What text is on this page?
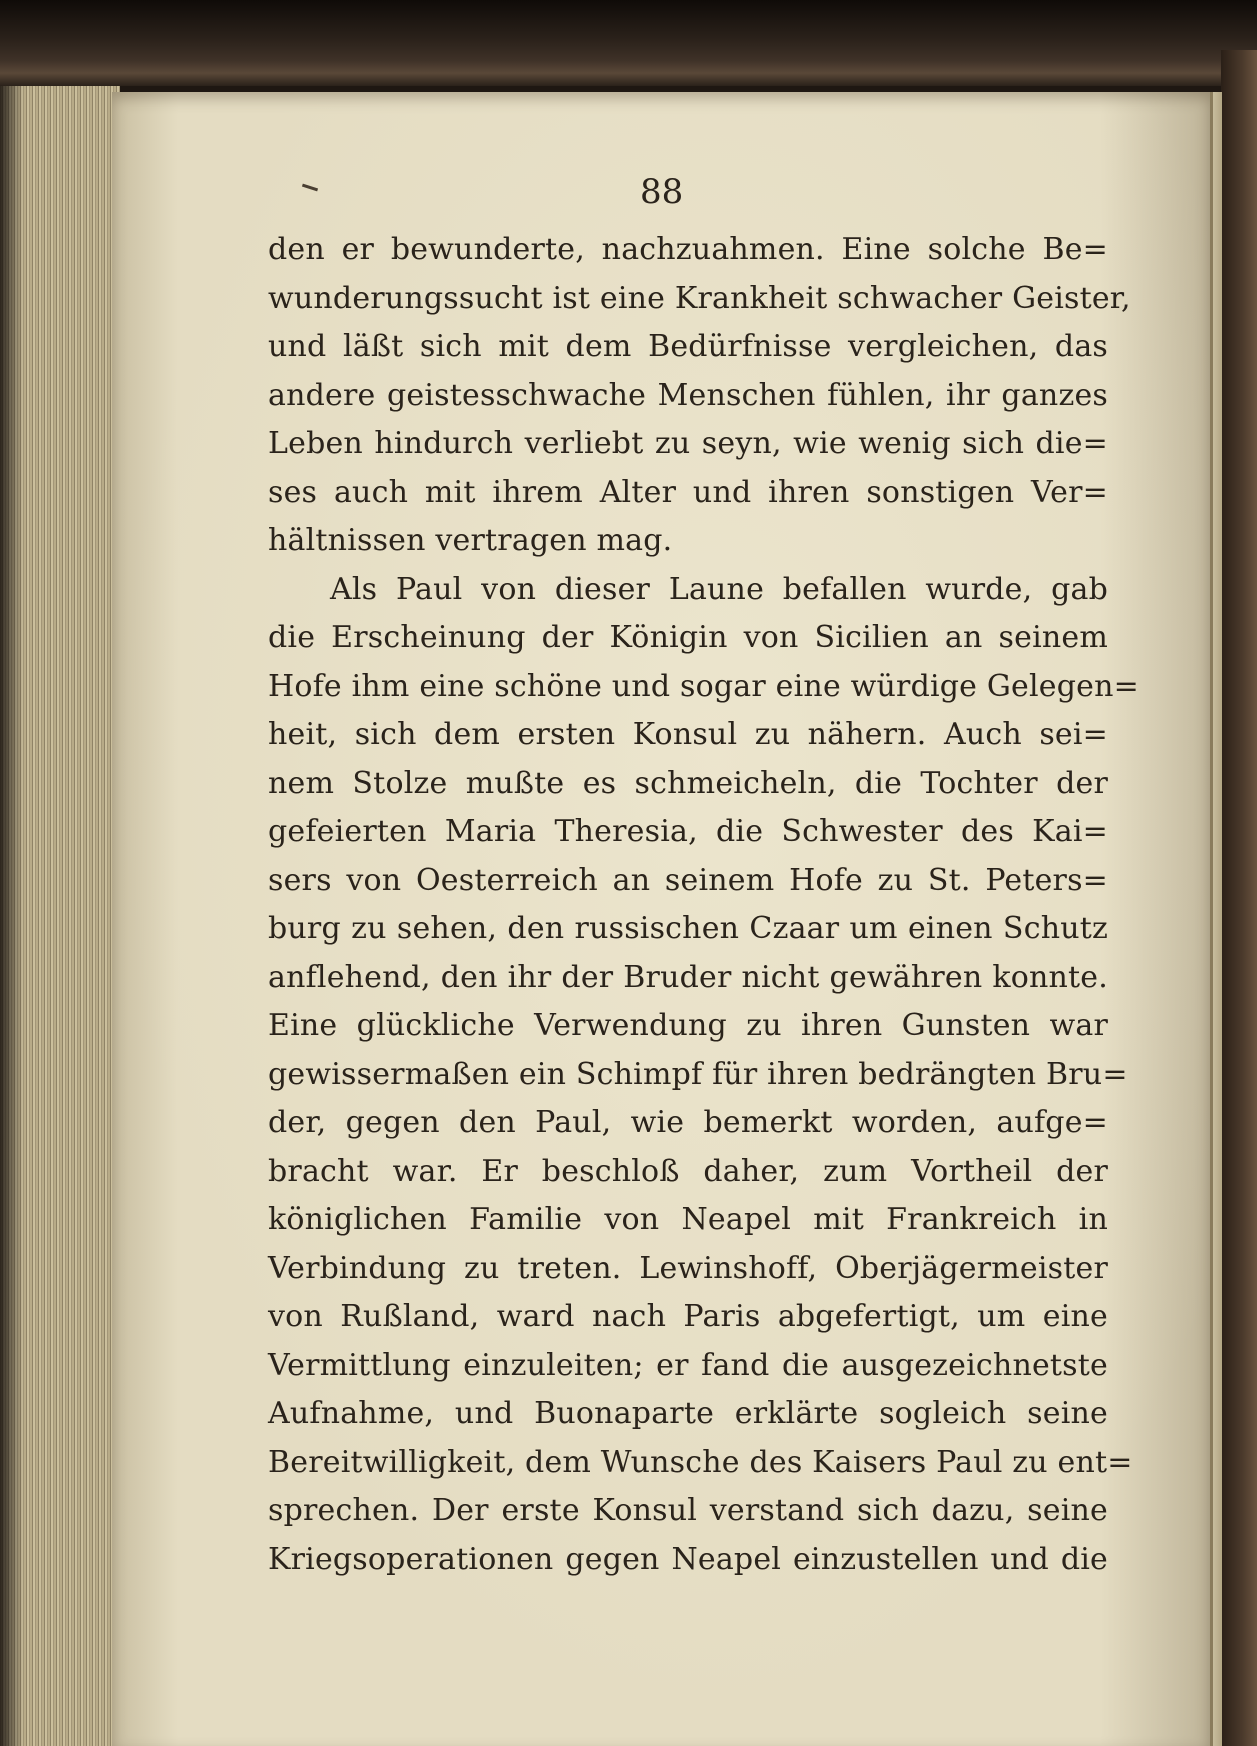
88

den er bewunderte, nachzuahmen. Eine solche Be=
wunderungssucht ist eine Krankheit schwacher Geister,
und läßt sich mit dem Bedürfnisse vergleichen, das
andere geistesschwache Menschen fühlen, ihr ganzes
Leben hindurch verliebt zu seyn, wie wenig sich die=
ses auch mit ihrem Alter und ihren sonstigen Ver=
hältnissen vertragen mag.
Als Paul von dieser Laune befallen wurde, gab
die Erscheinung der Königin von Sicilien an seinem
Hofe ihm eine schöne und sogar eine würdige Gelegen=
heit, sich dem ersten Konsul zu nähern. Auch sei=
nem Stolze mußte es schmeicheln, die Tochter der
gefeierten Maria Theresia, die Schwester des Kai=
sers von Oesterreich an seinem Hofe zu St. Peters=
burg zu sehen, den russischen Czaar um einen Schutz
anflehend, den ihr der Bruder nicht gewähren konnte.
Eine glückliche Verwendung zu ihren Gunsten war
gewissermaßen ein Schimpf für ihren bedrängten Bru=
der, gegen den Paul, wie bemerkt worden, aufge=
bracht war. Er beschloß daher, zum Vortheil der
königlichen Familie von Neapel mit Frankreich in
Verbindung zu treten. Lewinshoff, Oberjägermeister
von Rußland, ward nach Paris abgefertigt, um eine
Vermittlung einzuleiten; er fand die ausgezeichnetste
Aufnahme, und Buonaparte erklärte sogleich seine
Bereitwilligkeit, dem Wunsche des Kaisers Paul zu ent=
sprechen. Der erste Konsul verstand sich dazu, seine
Kriegsoperationen gegen Neapel einzustellen und die
